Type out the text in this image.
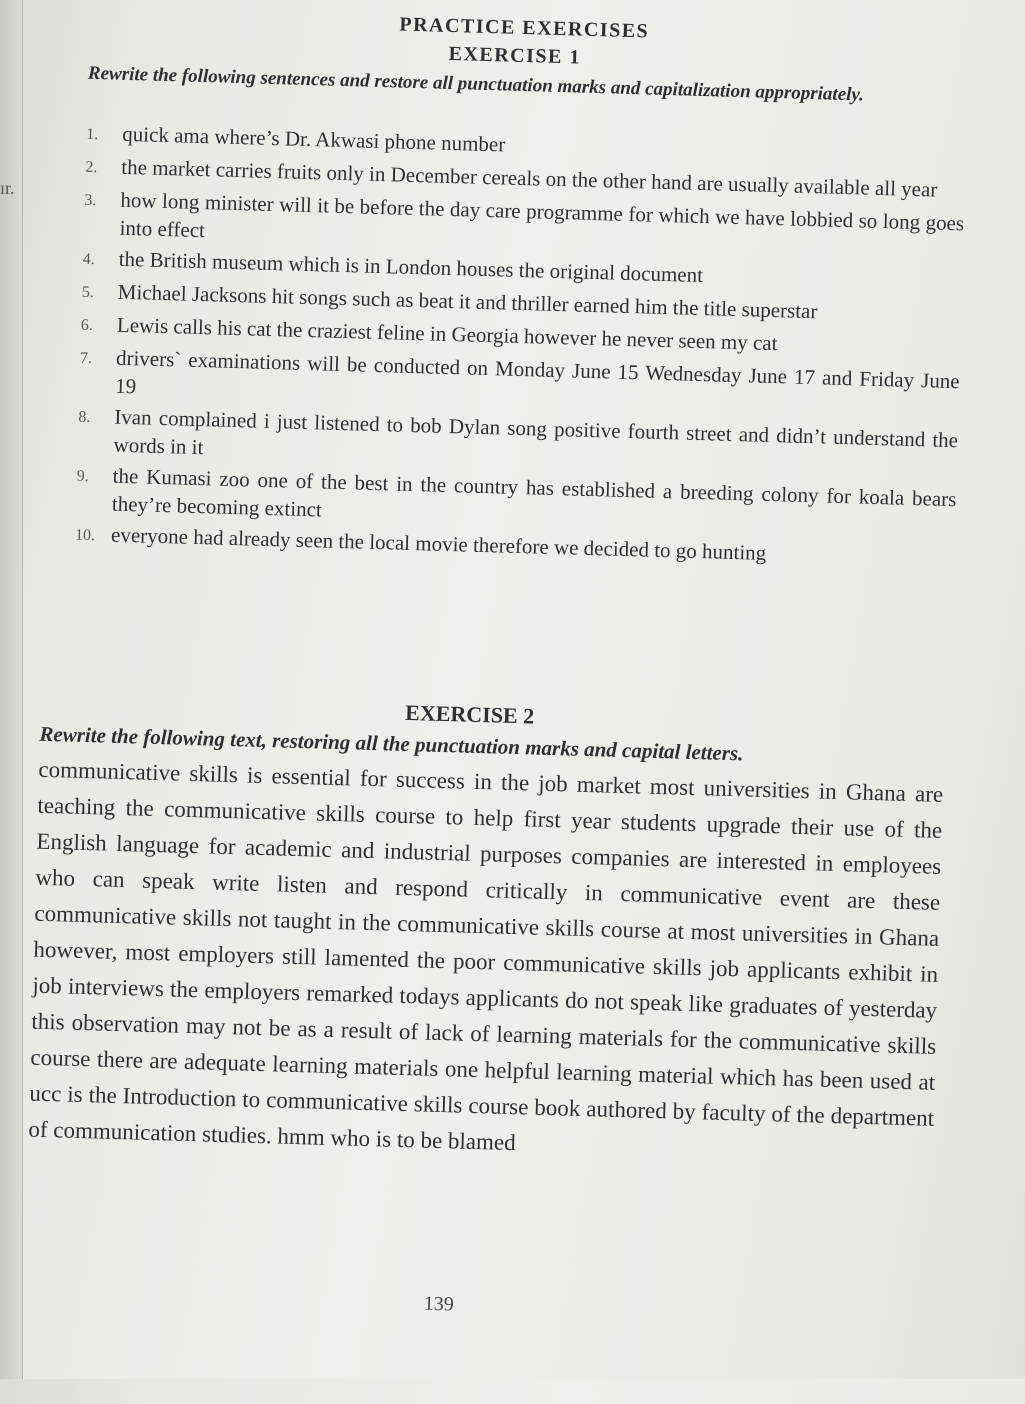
ır.
PRACTICE EXERCISES
EXERCISE 1
Rewrite the following sentences and restore all punctuation marks and capitalization appropriately.
1.	quick ama where’s Dr. Akwasi phone number
2.	the market carries fruits only in December cereals on the other hand are usually available all year
3.	how long minister will it be before the day care programme for which we have lobbied so long goes into effect
4.	the British museum which is in London houses the original document
5.	Michael Jacksons hit songs such as beat it and thriller earned him the title superstar
6.	Lewis calls his cat the craziest feline in Georgia however he never seen my cat
7.	drivers` examinations will be conducted on Monday June 15 Wednesday June 17 and Friday June 19
8.	Ivan complained i just listened to bob Dylan song positive fourth street and didn’t understand the words in it
9.	the Kumasi zoo one of the best in the country has established a breeding colony for koala bears they’re becoming extinct
10. everyone had already seen the local movie therefore we decided to go hunting
EXERCISE 2
Rewrite the following text, restoring all the punctuation marks and capital letters.

communicative skills is essential for success in the job market most universities in Ghana are teaching the communicative skills course to help first year students upgrade their use of the English language for academic and industrial purposes companies are interested in employees who can speak write listen and respond critically in communicative event are these communicative skills not taught in the communicative skills course at most universities in Ghana however, most employers still lamented the poor communicative skills job applicants exhibit in job interviews the employers remarked todays applicants do not speak like graduates of yesterday this observation may not be as a result of lack of learning materials for the communicative skills course there are adequate learning materials one helpful learning material which has been used at ucc is the Introduction to communicative skills course book authored by faculty of the department of communication studies. hmm who is to be blamed

139
